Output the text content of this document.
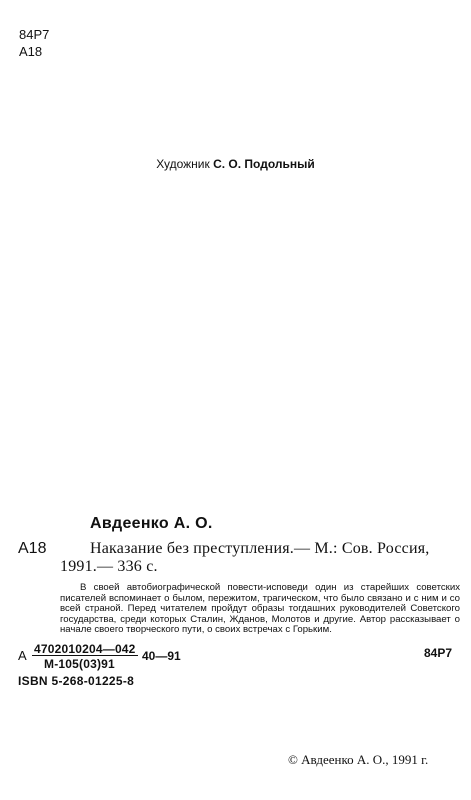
84Р7
А18
Художник С. О. Подольный
Авдеенко А. О.
А18	Наказание без преступления.— М.: Сов. Россия,
1991.— 336 с.
В своей автобиографической повести-исповеди один из старейших советских писателей вспоминает о былом, пережитом, трагическом, что было связано и с ним и со всей страной. Перед читателем пройдут образы тогдашних руководителей Советского государства, среди которых Сталин, Жданов, Молотов и другие. Автор рассказывает о начале своего творческого пути, о своих встречах с Горьким.
84Р7
А 4702010204—042
М-105(03)91
40—91
ISBN 5-268-01225-8
© Авдеенко А. О., 1991 г.
